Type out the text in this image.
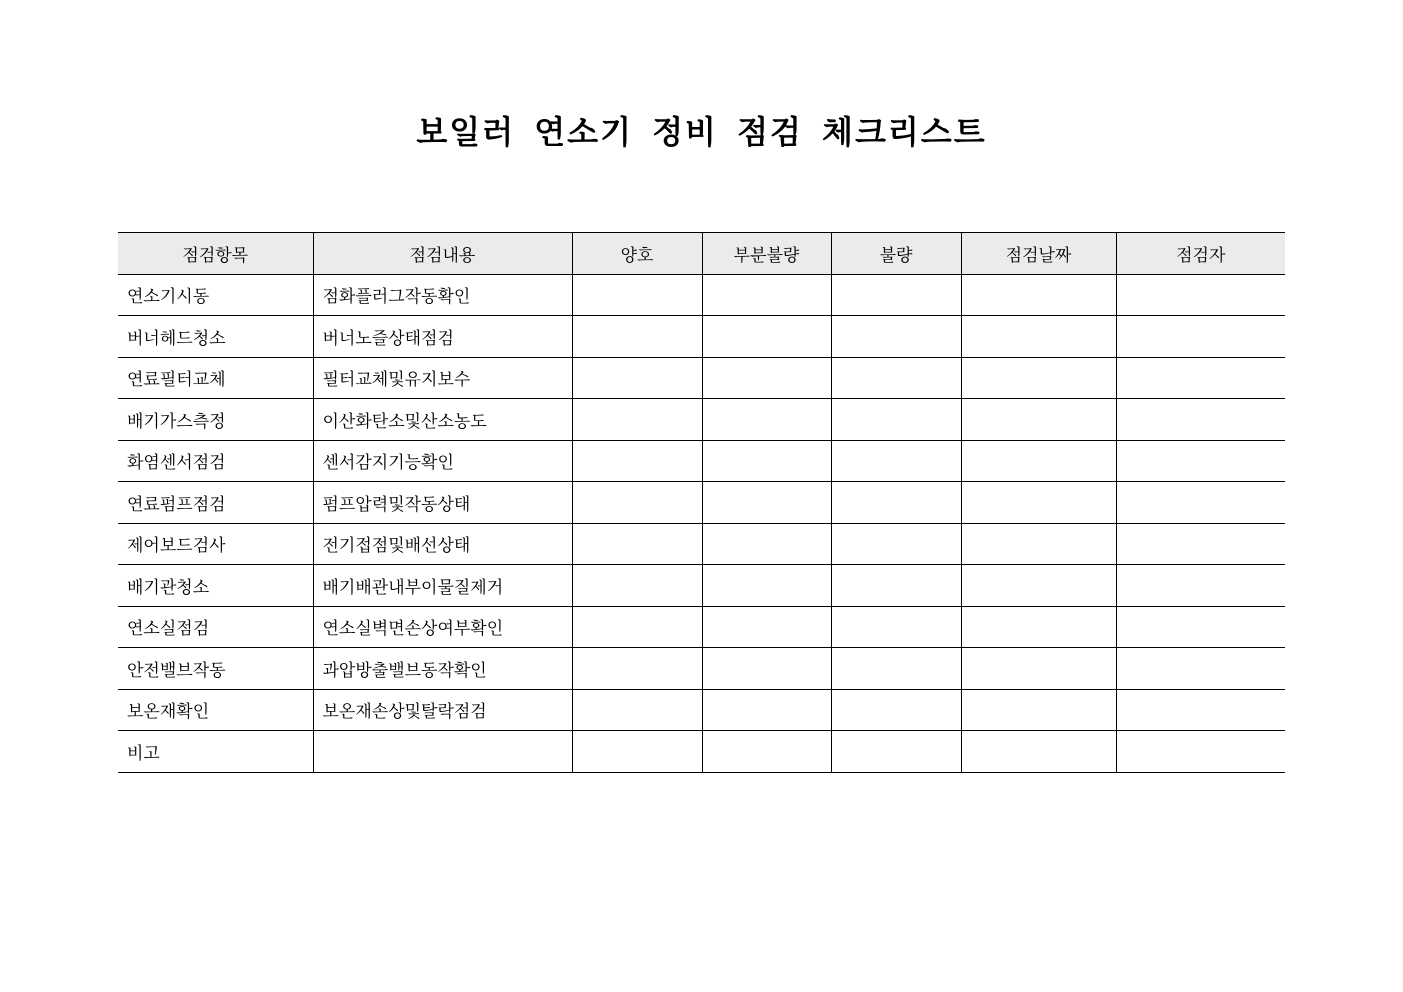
보일러 연소기 정비 점검 체크리스트
점검항목	점검내용	양호	부분불량	불량	점검날짜	점검자
연소기시동	점화플러그작동확인					
버너헤드청소	버너노즐상태점검					
연료필터교체	필터교체및유지보수					
배기가스측정	이산화탄소및산소농도					
화염센서점검	센서감지기능확인					
연료펌프점검	펌프압력및작동상태					
제어보드검사	전기접점및배선상태					
배기관청소	배기배관내부이물질제거					
연소실점검	연소실벽면손상여부확인					
안전밸브작동	과압방출밸브동작확인					
보온재확인	보온재손상및탈락점검					
비고						
